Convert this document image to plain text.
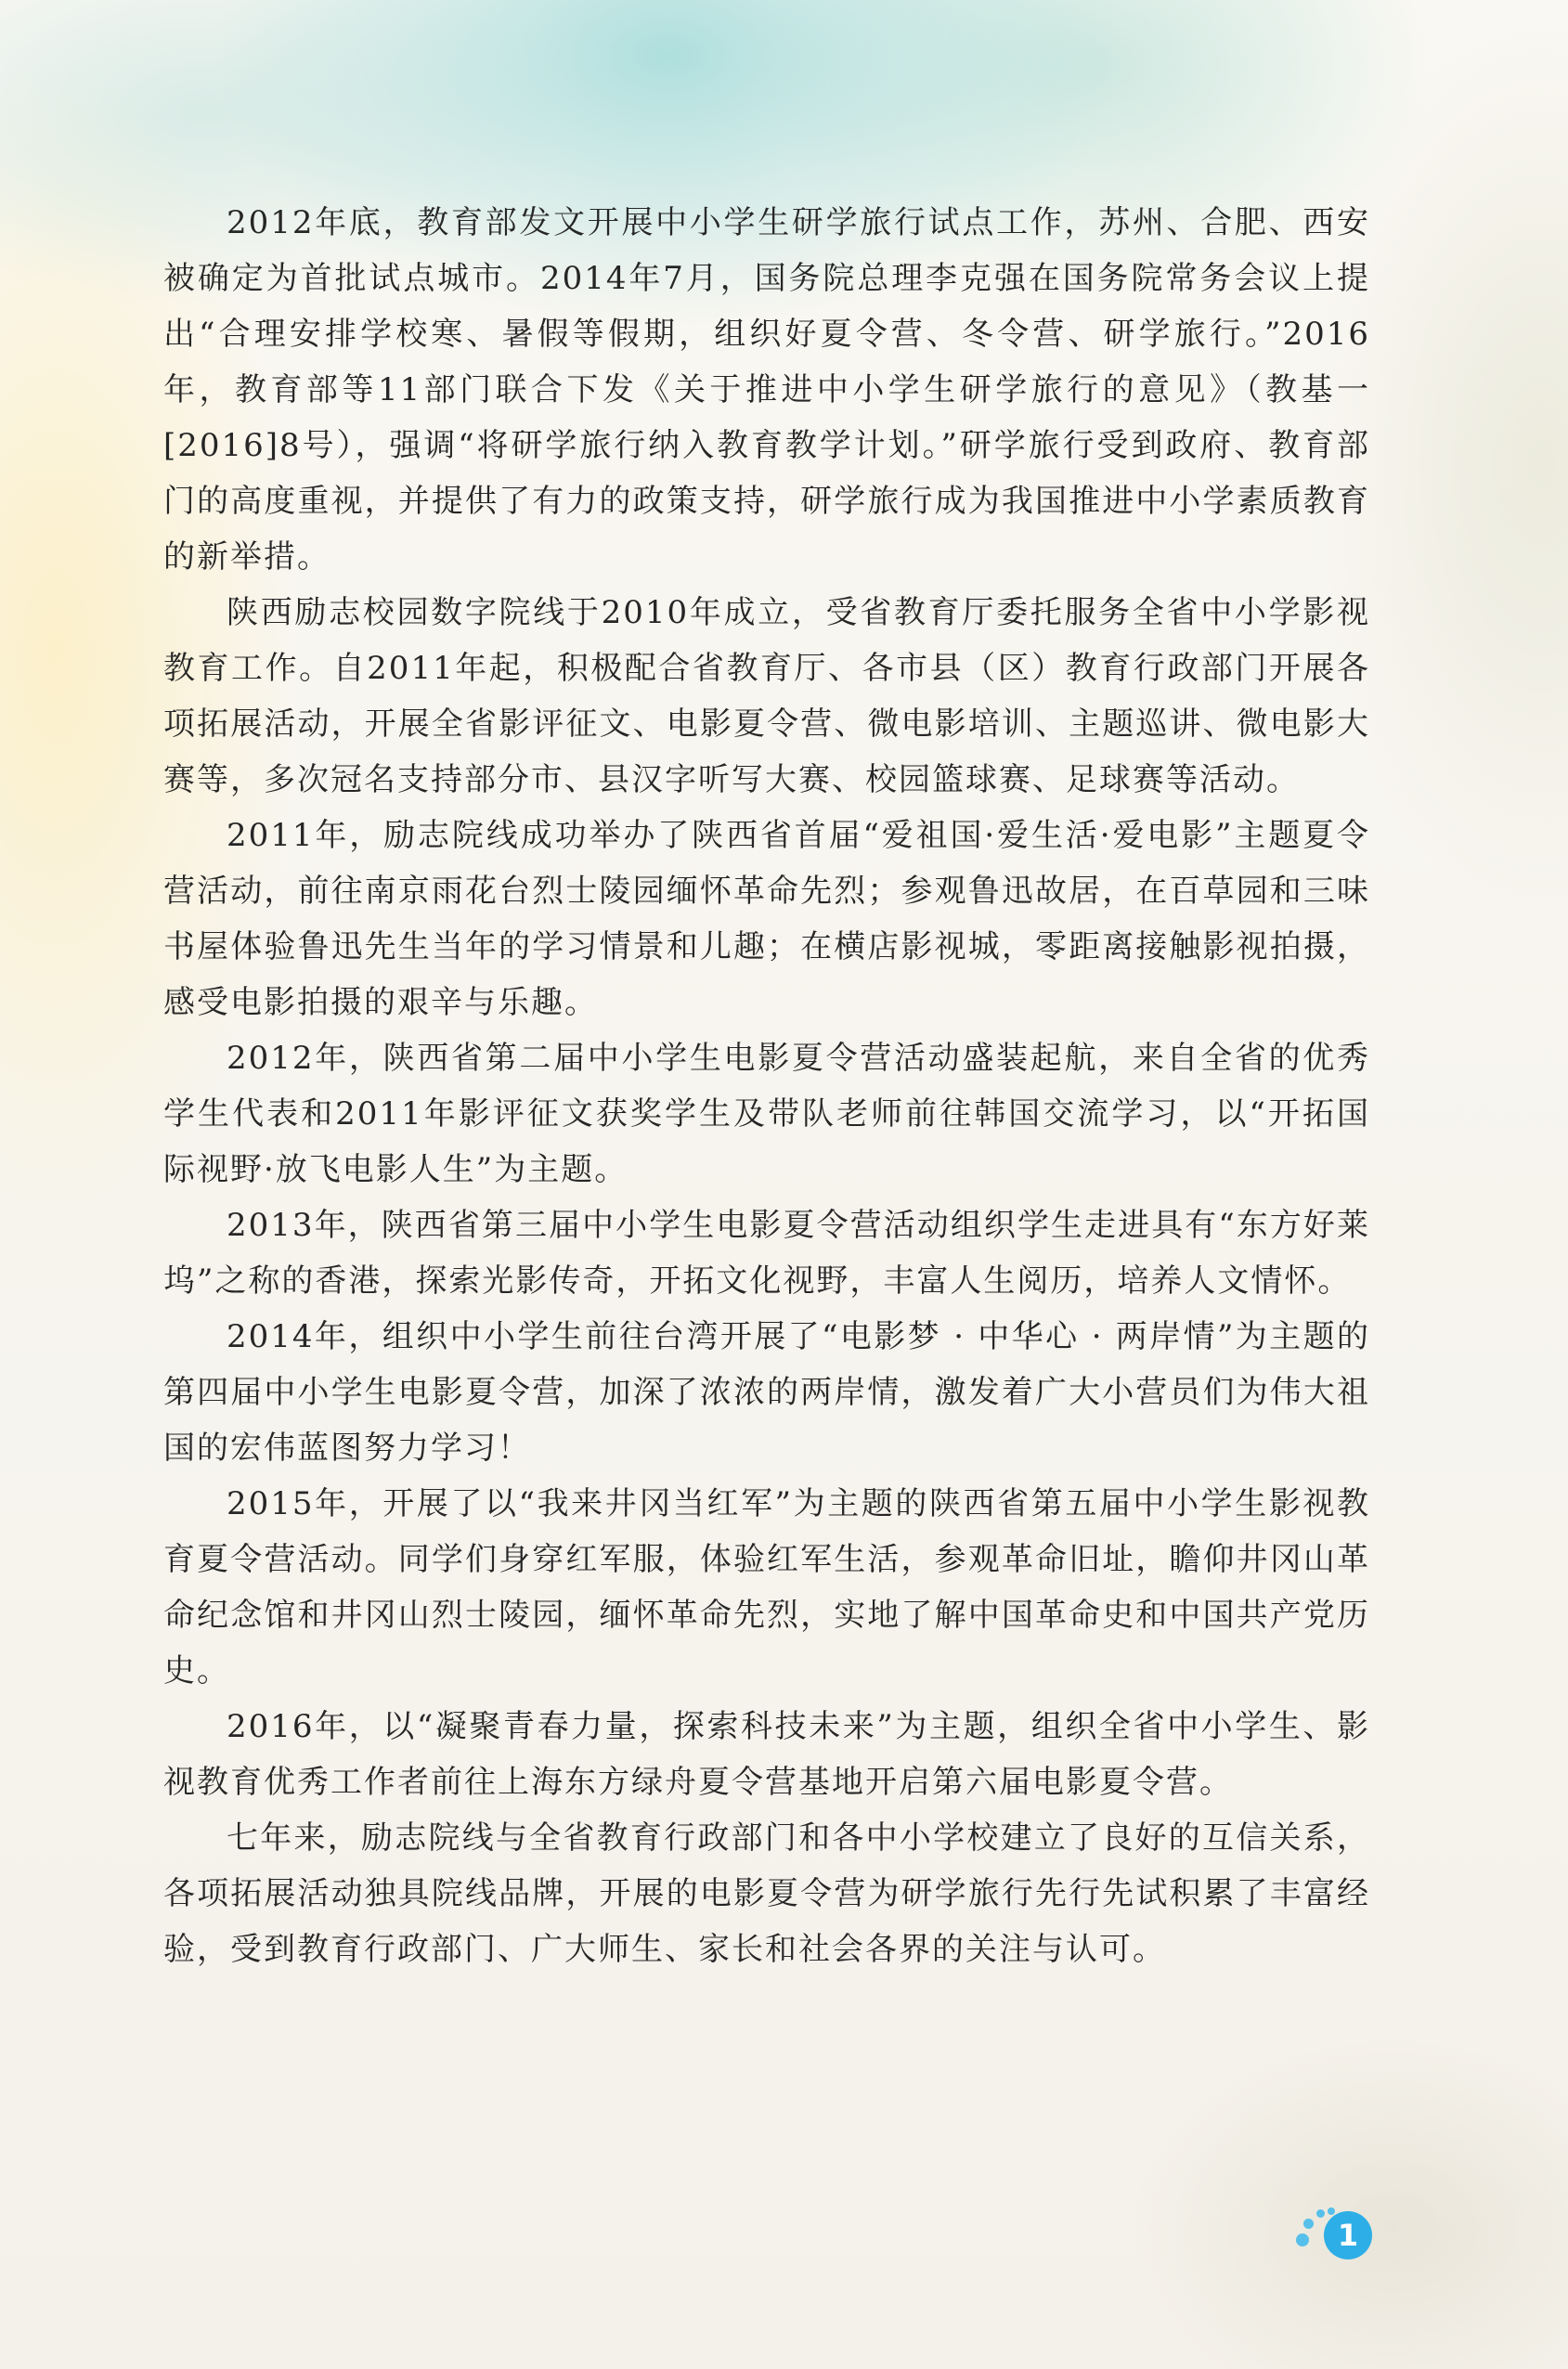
2012年底，教育部发文开展中小学生研学旅行试点工作，苏州、合肥、西安被确定为首批试点城市。2014年7月，国务院总理李克强在国务院常务会议上提出“合理安排学校寒、暑假等假期，组织好夏令营、冬令营、研学旅行。”2016年，教育部等11部门联合下发《关于推进中小学生研学旅行的意见》（教基一[2016]8号），强调“将研学旅行纳入教育教学计划。”研学旅行受到政府、教育部门的高度重视，并提供了有力的政策支持，研学旅行成为我国推进中小学素质教育的新举措。

陕西励志校园数字院线于2010年成立，受省教育厅委托服务全省中小学影视教育工作。自2011年起，积极配合省教育厅、各市县（区）教育行政部门开展各项拓展活动，开展全省影评征文、电影夏令营、微电影培训、主题巡讲、微电影大赛等，多次冠名支持部分市、县汉字听写大赛、校园篮球赛、足球赛等活动。

2011年，励志院线成功举办了陕西省首届“爱祖国·爱生活·爱电影”主题夏令营活动，前往南京雨花台烈士陵园缅怀革命先烈；参观鲁迅故居，在百草园和三味书屋体验鲁迅先生当年的学习情景和儿趣；在横店影视城，零距离接触影视拍摄，感受电影拍摄的艰辛与乐趣。

2012年，陕西省第二届中小学生电影夏令营活动盛装起航，来自全省的优秀学生代表和2011年影评征文获奖学生及带队老师前往韩国交流学习，以“开拓国际视野·放飞电影人生”为主题。

2013年，陕西省第三届中小学生电影夏令营活动组织学生走进具有“东方好莱坞”之称的香港，探索光影传奇，开拓文化视野，丰富人生阅历，培养人文情怀。

2014年，组织中小学生前往台湾开展了“电影梦 · 中华心 · 两岸情”为主题的第四届中小学生电影夏令营，加深了浓浓的两岸情，激发着广大小营员们为伟大祖国的宏伟蓝图努力学习！

2015年，开展了以“我来井冈当红军”为主题的陕西省第五届中小学生影视教育夏令营活动。同学们身穿红军服，体验红军生活，参观革命旧址，瞻仰井冈山革命纪念馆和井冈山烈士陵园，缅怀革命先烈，实地了解中国革命史和中国共产党历史。

2016年，以“凝聚青春力量，探索科技未来”为主题，组织全省中小学生、影视教育优秀工作者前往上海东方绿舟夏令营基地开启第六届电影夏令营。

七年来，励志院线与全省教育行政部门和各中小学校建立了良好的互信关系，各项拓展活动独具院线品牌，开展的电影夏令营为研学旅行先行先试积累了丰富经验，受到教育行政部门、广大师生、家长和社会各界的关注与认可。

1
